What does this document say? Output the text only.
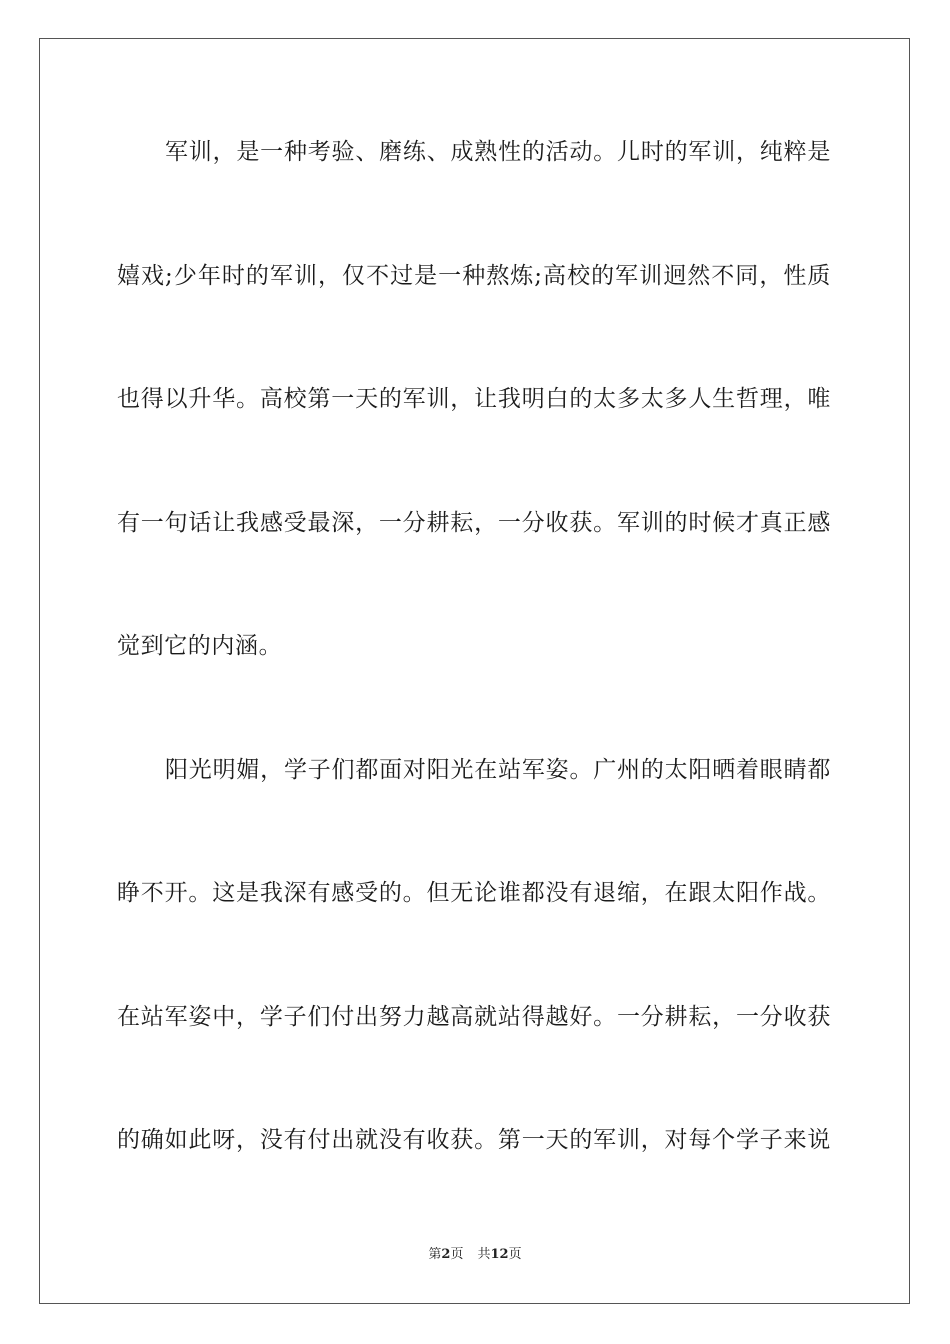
军训，是一种考验、磨练、成熟性的活动。儿时的军训，纯粹是
嬉戏;少年时的军训，仅不过是一种熬炼;高校的军训迥然不同，性质
也得以升华。高校第一天的军训，让我明白的太多太多人生哲理，唯
有一句话让我感受最深，一分耕耘，一分收获。军训的时候才真正感
觉到它的内涵。
阳光明媚，学子们都面对阳光在站军姿。广州的太阳晒着眼睛都
睁不开。这是我深有感受的。但无论谁都没有退缩，在跟太阳作战。
在站军姿中，学子们付出努力越高就站得越好。一分耕耘，一分收获
的确如此呀，没有付出就没有收获。第一天的军训，对每个学子来说
第2页 共12页
